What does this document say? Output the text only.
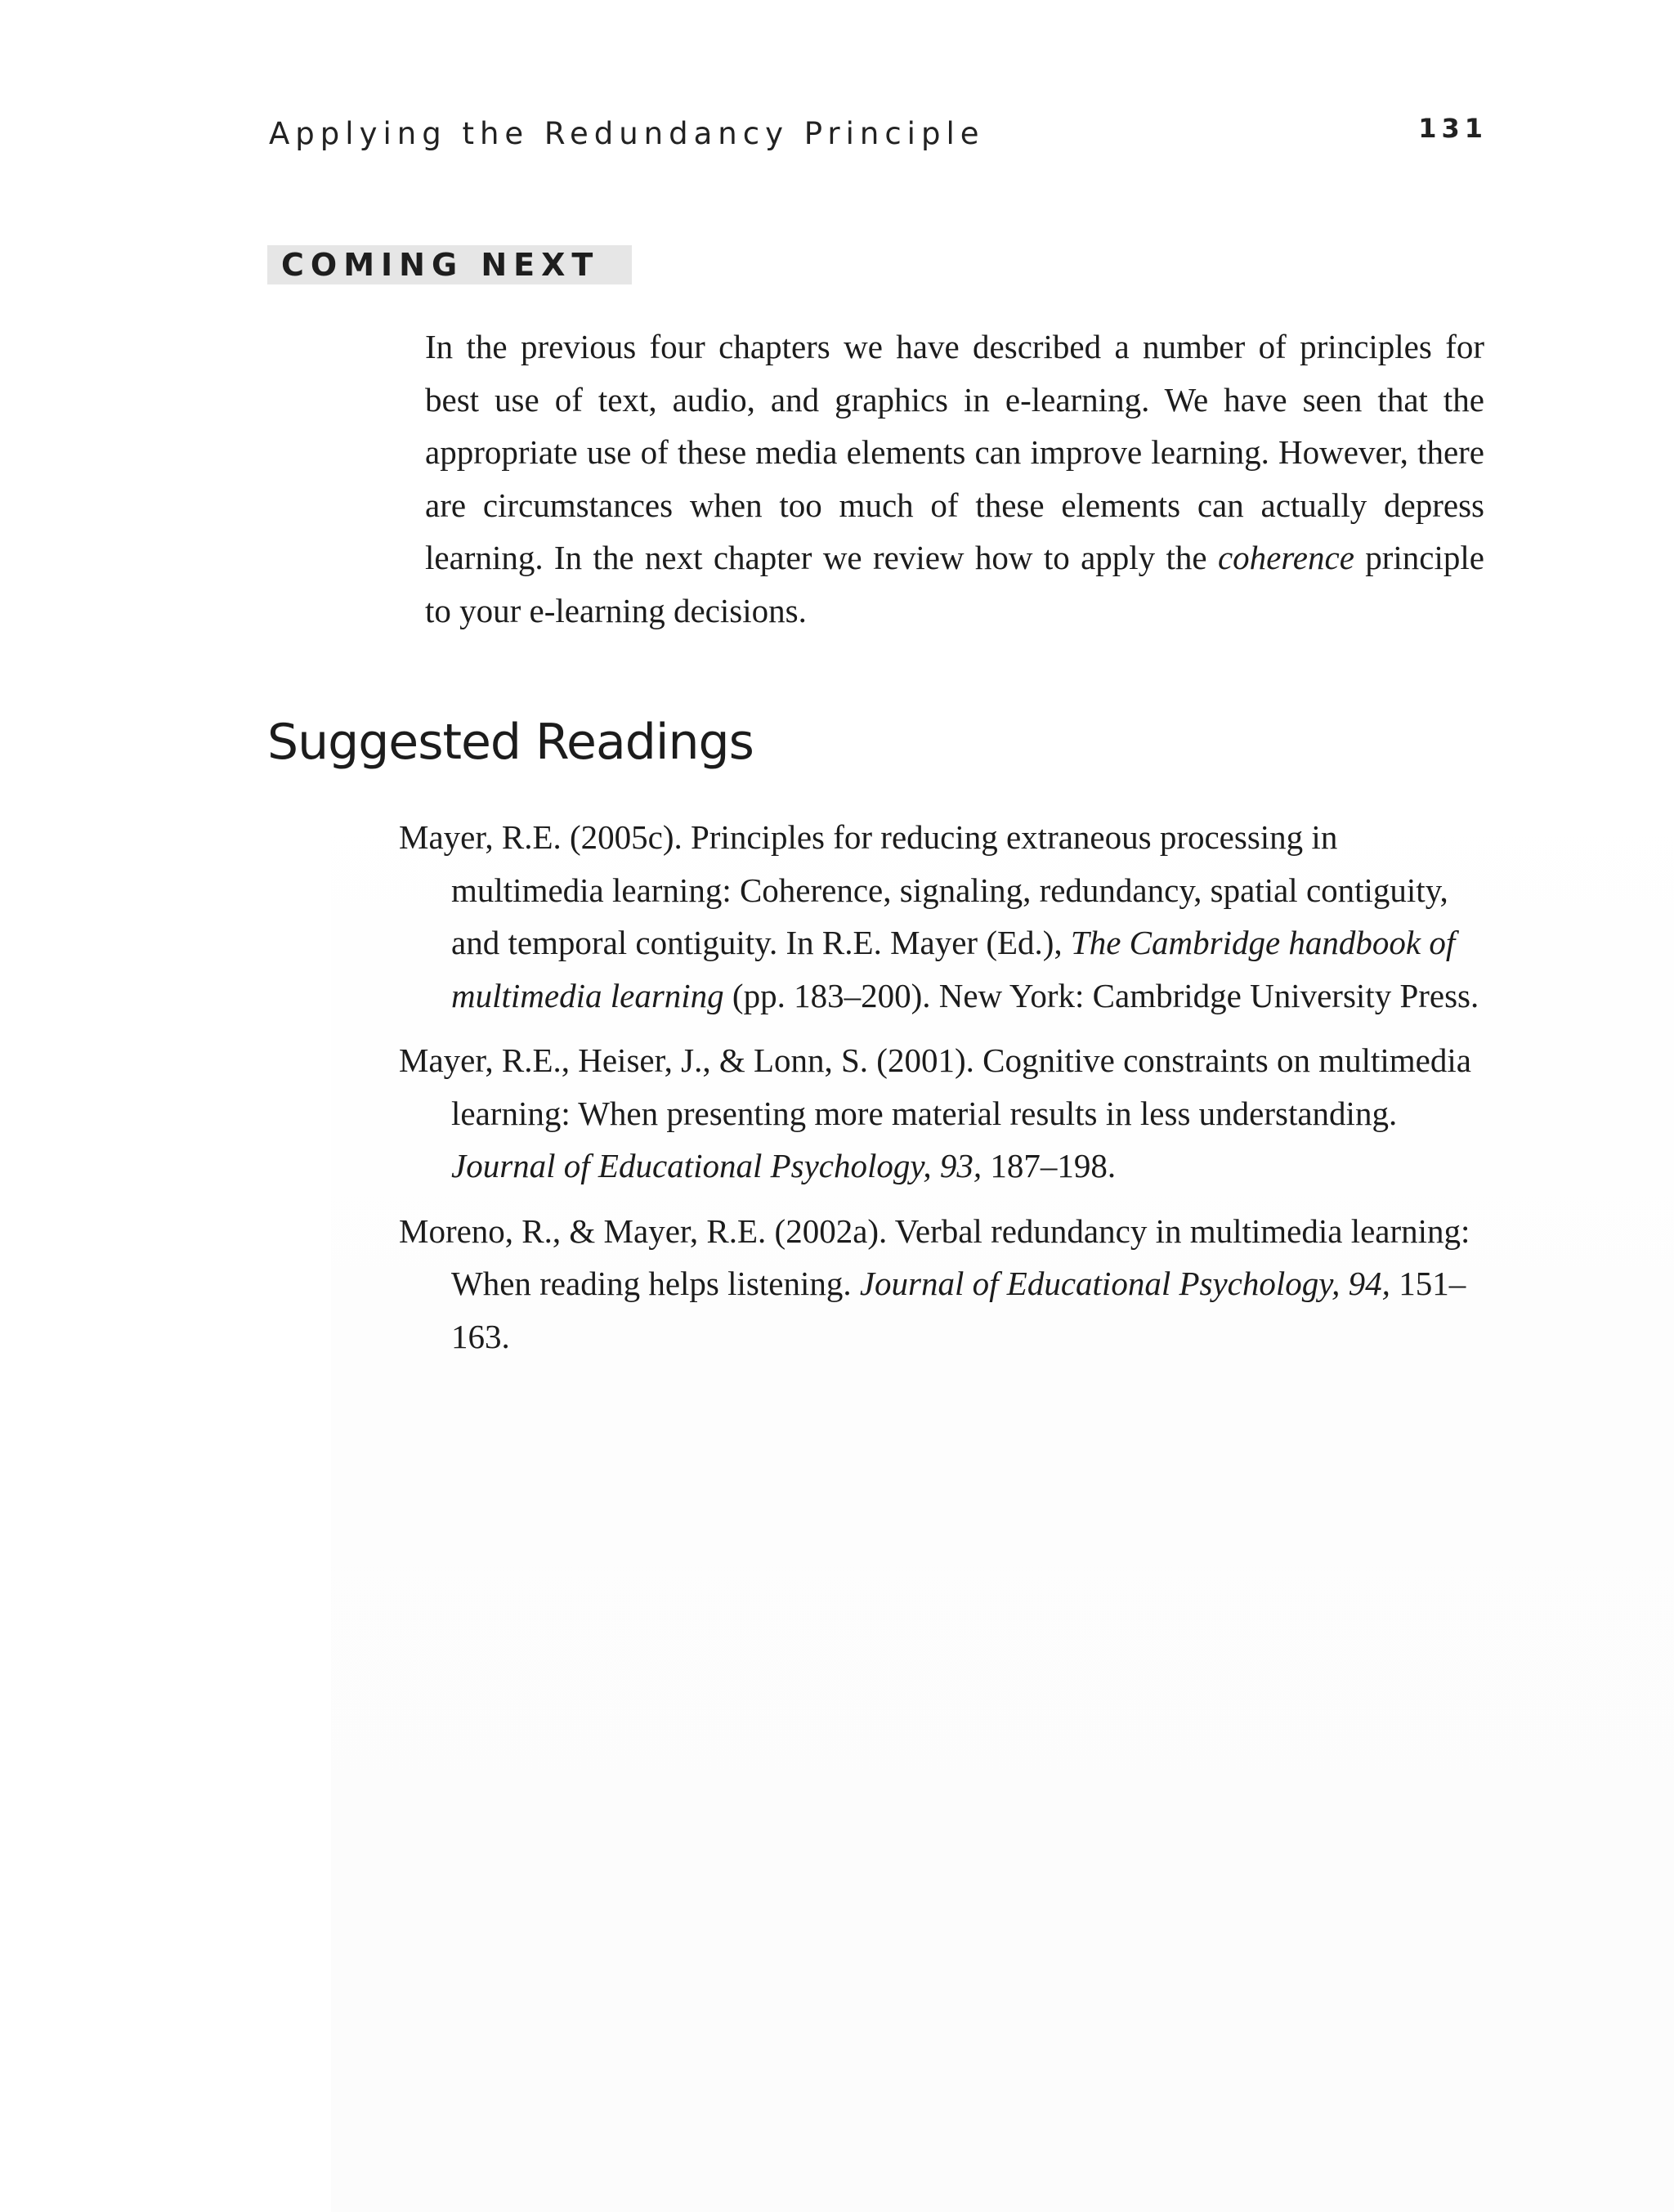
Applying the Redundancy Principle	131
COMING NEXT

In the previous four chapters we have described a number of principles for best use of text, audio, and graphics in e-learning. We have seen that the appropriate use of these media elements can improve learning. However, there are circumstances when too much of these elements can actually depress learning. In the next chapter we review how to apply the coherence principle to your e-learning decisions.

Suggested Readings
Mayer, R.E. (2005c). Principles for reducing extraneous processing in multimedia learning: Coherence, signaling, redundancy, spatial contiguity, and temporal contiguity. In R.E. Mayer (Ed.), The Cambridge handbook of multimedia learning (pp. 183–200). New York: Cambridge University Press.
Mayer, R.E., Heiser, J., & Lonn, S. (2001). Cognitive constraints on multimedia learning: When presenting more material results in less understanding. Journal of Educational Psychology, 93, 187–198.
Moreno, R., & Mayer, R.E. (2002a). Verbal redundancy in multimedia learning: When reading helps listening. Journal of Educational Psychology, 94, 151–163.
